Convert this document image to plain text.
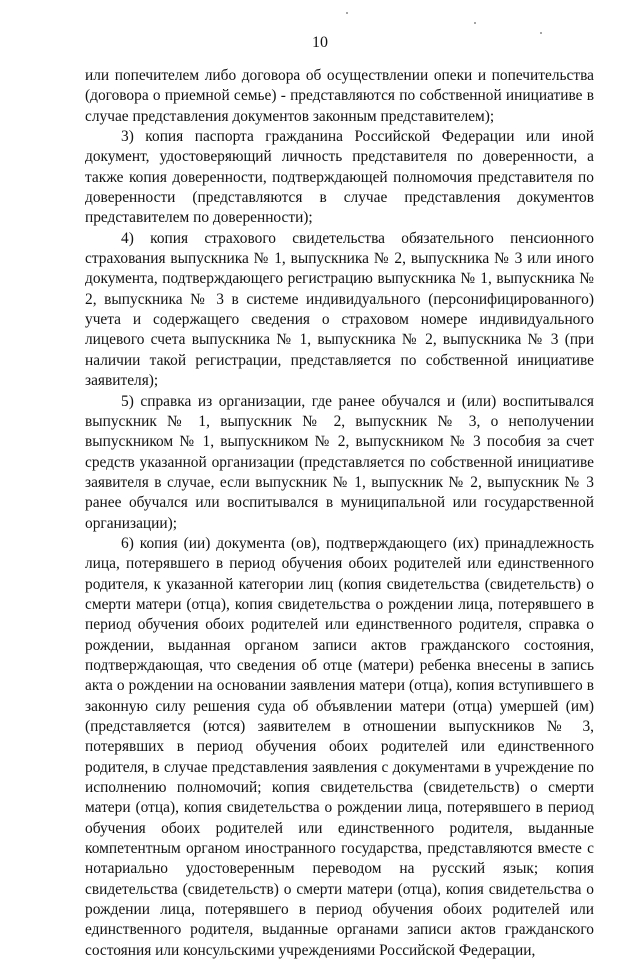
10

или попечителем либо договора об осуществлении опеки и попечительства (договора о приемной семье) - представляются по собственной инициативе в случае представления документов законным представителем);

3) копия паспорта гражданина Российской Федерации или иной документ, удостоверяющий личность представителя по доверенности, а также копия доверенности, подтверждающей полномочия представителя по доверенности (представляются в случае представления документов представителем по доверенности);

4) копия страхового свидетельства обязательного пенсионного страхования выпускника № 1, выпускника № 2, выпускника № 3 или иного документа, подтверждающего регистрацию выпускника № 1, выпускника № 2, выпускника № 3 в системе индивидуального (персонифицированного) учета и содержащего сведения о страховом номере индивидуального лицевого счета выпускника № 1, выпускника № 2, выпускника № 3 (при наличии такой регистрации, представляется по собственной инициативе заявителя);

5) справка из организации, где ранее обучался и (или) воспитывался выпускник № 1, выпускник № 2, выпускник № 3, о неполучении выпускником № 1, выпускником № 2, выпускником № 3 пособия за счет средств указанной организации (представляется по собственной инициативе заявителя в случае, если выпускник № 1, выпускник № 2, выпускник № 3 ранее обучался или воспитывался в муниципальной или государственной организации);

6) копия (ии) документа (ов), подтверждающего (их) принадлежность лица, потерявшего в период обучения обоих родителей или единственного родителя, к указанной категории лиц (копия свидетельства (свидетельств) о смерти матери (отца), копия свидетельства о рождении лица, потерявшего в период обучения обоих родителей или единственного родителя, справка о рождении, выданная органом записи актов гражданского состояния, подтверждающая, что сведения об отце (матери) ребенка внесены в запись акта о рождении на основании заявления матери (отца), копия вступившего в законную силу решения суда об объявлении матери (отца) умершей (им) (представляется (ются) заявителем в отношении выпускников № 3, потерявших в период обучения обоих родителей или единственного родителя, в случае представления заявления с документами в учреждение по исполнению полномочий; копия свидетельства (свидетельств) о смерти матери (отца), копия свидетельства о рождении лица, потерявшего в период обучения обоих родителей или единственного родителя, выданные компетентным органом иностранного государства, представляются вместе с нотариально удостоверенным переводом на русский язык; копия свидетельства (свидетельств) о смерти матери (отца), копия свидетельства о рождении лица, потерявшего в период обучения обоих родителей или единственного родителя, выданные органами записи актов гражданского состояния или консульскими учреждениями Российской Федерации,
